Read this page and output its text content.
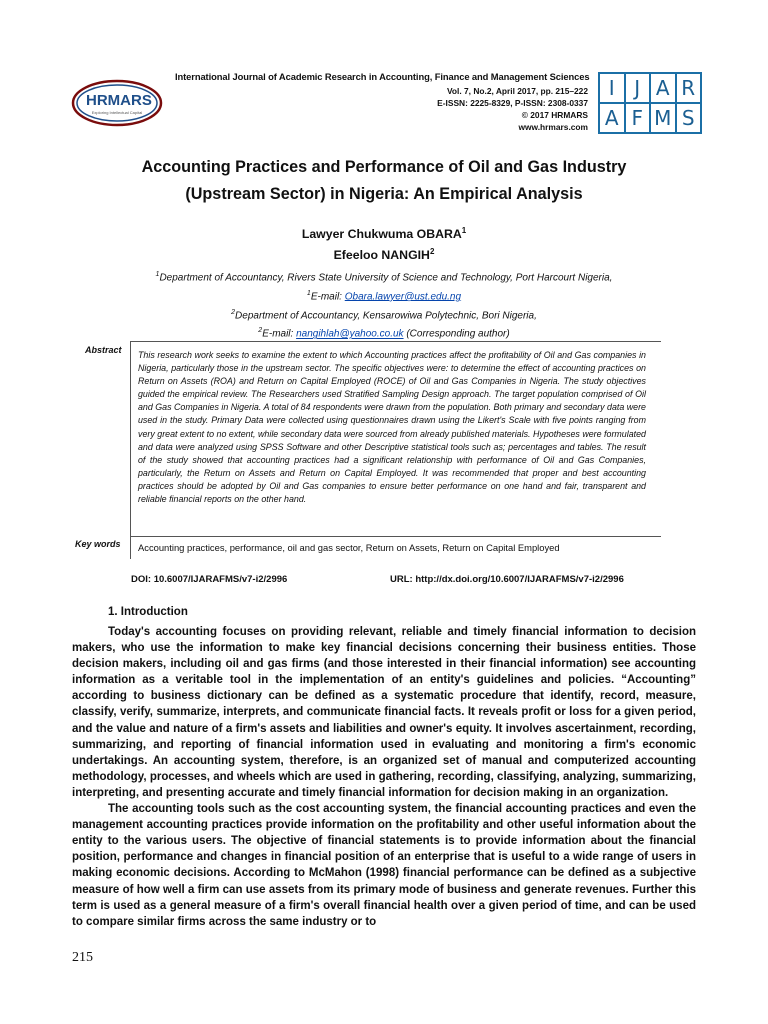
HRMARS
Exploring Intellectual Capital
International Journal of Academic Research in Accounting, Finance and Management Sciences
Vol. 7, No.2, April 2017, pp. 215–222
E-ISSN: 2225-8329, P-ISSN: 2308-0337
© 2017 HRMARS
www.hrmars.com
I J A R
A F M S
Accounting Practices and Performance of Oil and Gas Industry
(Upstream Sector) in Nigeria: An Empirical Analysis
Lawyer Chukwuma OBARA$^1$
Efeeloo NANGIH$^2$
$^1$Department of Accountancy, Rivers State University of Science and Technology, Port Harcourt Nigeria,
$^1$E-mail: Obara.lawyer@ust.edu.ng
$^2$Department of Accountancy, Kensarowiwa Polytechnic, Bori Nigeria,
$^2$E-mail: nangihlah@yahoo.co.uk (Corresponding author)
Abstract This research work seeks to examine the extent to which Accounting practices affect the profitability of Oil and Gas companies in Nigeria, particularly those in the upstream sector. The specific objectives were: to determine the effect of accounting practices on Return on Assets (ROA) and Return on Capital Employed (ROCE) of Oil and Gas Companies in Nigeria. The study objectives guided the empirical review. The Researchers used Stratified Sampling Design approach. The target population comprised of Oil and Gas Companies in Nigeria. A total of 84 respondents were drawn from the population. Both primary and secondary data were used in the study. Primary Data were collected using questionnaires drawn using the Likert's Scale with five points ranging from very great extent to no extent, while secondary data were sourced from already published materials. Hypotheses were formulated and data were analyzed using SPSS Software and other Descriptive statistical tools such as; percentages and tables. The result of the study showed that accounting practices had a significant relationship with performance of Oil and Gas Companies, particularly, the Return on Assets and Return on Capital Employed. It was recommended that proper and best accounting practices should be adopted by Oil and Gas companies to ensure better performance on one hand and fair, transparent and reliable financial reports on the other hand.
Key words Accounting practices, performance, oil and gas sector, Return on Assets, Return on Capital Employed
DOI: 10.6007/IJARAFMS/v7-i2/2996	URL: http://dx.doi.org/10.6007/IJARAFMS/v7-i2/2996
1. Introduction

Today's accounting focuses on providing relevant, reliable and timely financial information to decision makers, who use the information to make key financial decisions concerning their business entities. Those decision makers, including oil and gas firms (and those interested in their financial information) see accounting information as a veritable tool in the implementation of an entity's guidelines and policies. “Accounting” according to business dictionary can be defined as a systematic procedure that identify, record, measure, classify, verify, summarize, interprets, and communicate financial facts. It reveals profit or loss for a given period, and the value and nature of a firm's assets and liabilities and owner's equity. It involves ascertainment, recording, summarizing, and reporting of financial information used in evaluating and monitoring a firm's economic undertakings. An accounting system, therefore, is an organized set of manual and computerized accounting methodology, processes, and wheels which are used in gathering, recording, classifying, analyzing, summarizing, interpreting, and presenting accurate and timely financial information for decision making in an organization.

The accounting tools such as the cost accounting system, the financial accounting practices and even the management accounting practices provide information on the profitability and other useful information about the entity to the various users. The objective of financial statements is to provide information about the financial position, performance and changes in financial position of an enterprise that is useful to a wide range of users in making economic decisions. According to McMahon (1998) financial performance can be defined as a subjective measure of how well a firm can use assets from its primary mode of business and generate revenues. Further this term is used as a general measure of a firm's overall financial health over a given period of time, and can be used to compare similar firms across the same industry or to

215
